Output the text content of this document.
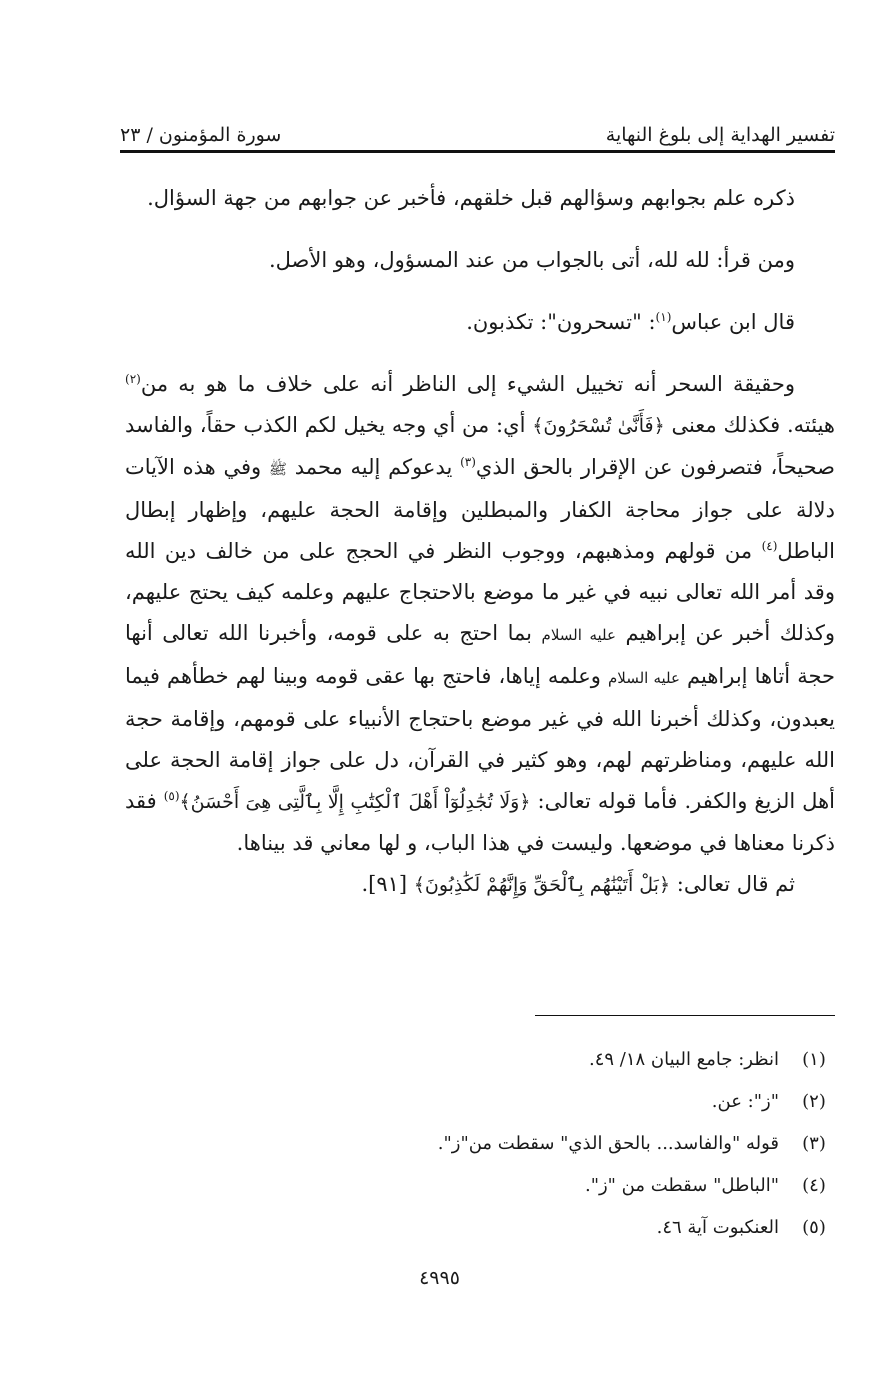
تفسير الهداية إلى بلوغ النهاية
سورة المؤمنون / ٢٣

ذكره علم بجوابهم وسؤالهم قبل خلقهم، فأخبر عن جوابهم من جهة السؤال.

ومن قرأ: لله لله، أتى بالجواب من عند المسؤول، وهو الأصل.

قال ابن عباس$^{(١)}$: "تسحرون": تكذبون.

وحقيقة السحر أنه تخييل الشيء إلى الناظر أنه على خلاف ما هو به من$^{(٢)}$ هيئته. فكذلك معنى ﴿فَأَنَّىٰ تُسْحَرُونَ﴾ أي: من أي وجه يخيل لكم الكذب حقاً، والفاسد صحيحاً، فتصرفون عن الإقرار بالحق الذي$^{(٣)}$ يدعوكم إليه محمد ﷺ وفي هذه الآيات دلالة على جواز محاجة الكفار والمبطلين وإقامة الحجة عليهم، وإظهار إبطال الباطل$^{(٤)}$ من قولهم ومذهبهم، ووجوب النظر في الحجج على من خالف دين الله وقد أمر الله تعالى نبيه في غير ما موضع بالاحتجاج عليهم وعلمه كيف يحتج عليهم، وكذلك أخبر عن إبراهيم عليه السلام بما احتج به على قومه، وأخبرنا الله تعالى أنها حجة أتاها إبراهيم عليه السلام وعلمه إياها، فاحتج بها عقى قومه وبينا لهم خطأهم فيما يعبدون، وكذلك أخبرنا الله في غير موضع باحتجاج الأنبياء على قومهم، وإقامة حجة الله عليهم، ومناظرتهم لهم، وهو كثير في القرآن، دل على جواز إقامة الحجة على أهل الزيغ والكفر. فأما قوله تعالى: ﴿وَلَا تُجَٰدِلُوٓاْ أَهْلَ ٱلْكِتَٰبِ إِلَّا بِٱلَّتِى هِىَ أَحْسَنُ﴾$^{(٥)}$ فقد ذكرنا معناها في موضعها. وليست في هذا الباب، و لها معاني قد بيناها.

ثم قال تعالى: ﴿بَلْ أَتَيْنَٰهُم بِٱلْحَقِّ وَإِنَّهُمْ لَكَٰذِبُونَ﴾ [٩١].

(١)
انظر: جامع البيان ١٨/ ٤٩.
(٢)
"ز": عن.
(٣)
قوله "والفاسد... بالحق الذي" سقطت من"ز".
(٤)
"الباطل" سقطت من "ز".
(٥)
العنكبوت آية ٤٦.
٤٩٩٥
